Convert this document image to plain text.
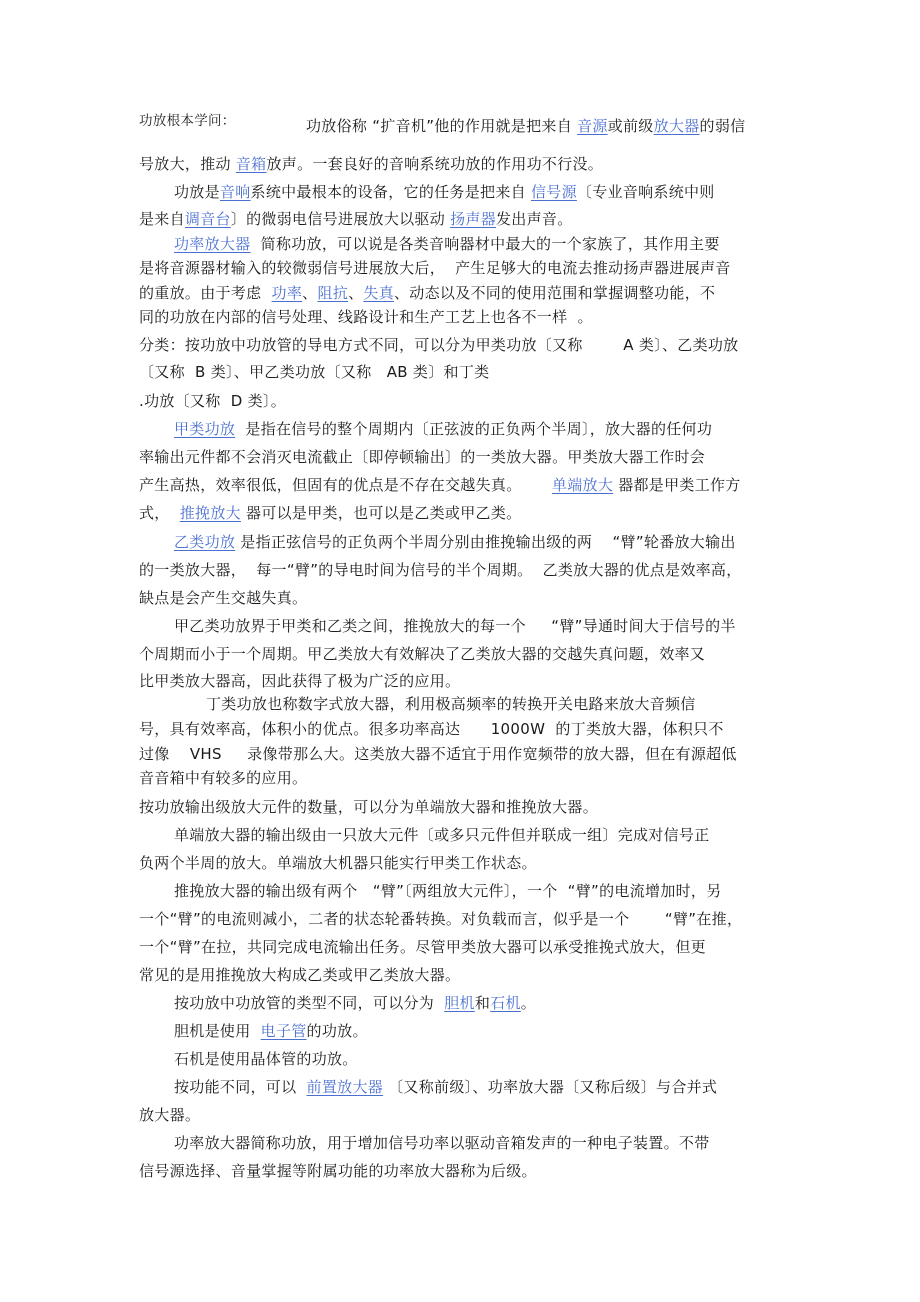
功放根本学问：	功放俗称 “扩音机”他的作用就是把来自 音源或前级放大器的弱信
号放大，推动 音箱放声。一套良好的音响系统功放的作用功不行没。
功放是音响系统中最根本的设备，它的任务是把来自 信号源〔专业音响系统中则
是来自调音台〕的微弱电信号进展放大以驱动 扬声器发出声音。
功率放大器  简称功放，可以说是各类音响器材中最大的一个家族了，其作用主要
是将音源器材输入的较微弱信号进展放大后，  产生足够大的电流去推动扬声器进展声音
的重放。由于考虑  功率、阻抗、失真、动态以及不同的使用范围和掌握调整功能，不
同的功放在内部的信号处理、线路设计和生产工艺上也各不一样  。
分类：按功放中功放管的导电方式不同，可以分为甲类功放〔又称        A 类〕、乙类功放
〔又称  B 类〕、甲乙类功放〔又称   AB 类〕和丁类
.功放〔又称  D 类〕。
甲类功放  是指在信号的整个周期内〔正弦波的正负两个半周〕，放大器的任何功
率输出元件都不会消灭电流截止〔即停顿输出〕的一类放大器。甲类放大器工作时会
产生高热，效率很低，但固有的优点是不存在交越失真。      单端放大 器都是甲类工作方
式，  推挽放大 器可以是甲类，也可以是乙类或甲乙类。
乙类功放 是指正弦信号的正负两个半周分别由推挽输出级的两    “臂”轮番放大输出
的一类放大器，  每一“臂”的导电时间为信号的半个周期。  乙类放大器的优点是效率高，
缺点是会产生交越失真。
甲乙类功放界于甲类和乙类之间，推挽放大的每一个     “臂”导通时间大于信号的半
个周期而小于一个周期。甲乙类放大有效解决了乙类放大器的交越失真问题，效率又
比甲类放大器高，因此获得了极为广泛的应用。
丁类功放也称数字式放大器，利用极高频率的转换开关电路来放大音频信
号，具有效率高，体积小的优点。很多功率高达      1000W  的丁类放大器，体积只不
过像    VHS     录像带那么大。这类放大器不适宜于用作宽频带的放大器，但在有源超低
音音箱中有较多的应用。
按功放输出级放大元件的数量，可以分为单端放大器和推挽放大器。
单端放大器的输出级由一只放大元件〔或多只元件但并联成一组〕完成对信号正
负两个半周的放大。单端放大机器只能实行甲类工作状态。
推挽放大器的输出级有两个   “臂”〔两组放大元件〕，一个  “臂”的电流增加时，另
一个“臂”的电流则减小，二者的状态轮番转换。对负载而言，似乎是一个       “臂”在推，
一个“臂”在拉，共同完成电流输出任务。尽管甲类放大器可以承受推挽式放大，但更
常见的是用推挽放大构成乙类或甲乙类放大器。
按功放中功放管的类型不同，可以分为  胆机和石机。
胆机是使用  电子管的功放。
石机是使用晶体管的功放。
按功能不同，可以  前置放大器 〔又称前级〕、功率放大器〔又称后级〕与合并式
放大器。
功率放大器简称功放，用于增加信号功率以驱动音箱发声的一种电子装置。不带
信号源选择、音量掌握等附属功能的功率放大器称为后级。
